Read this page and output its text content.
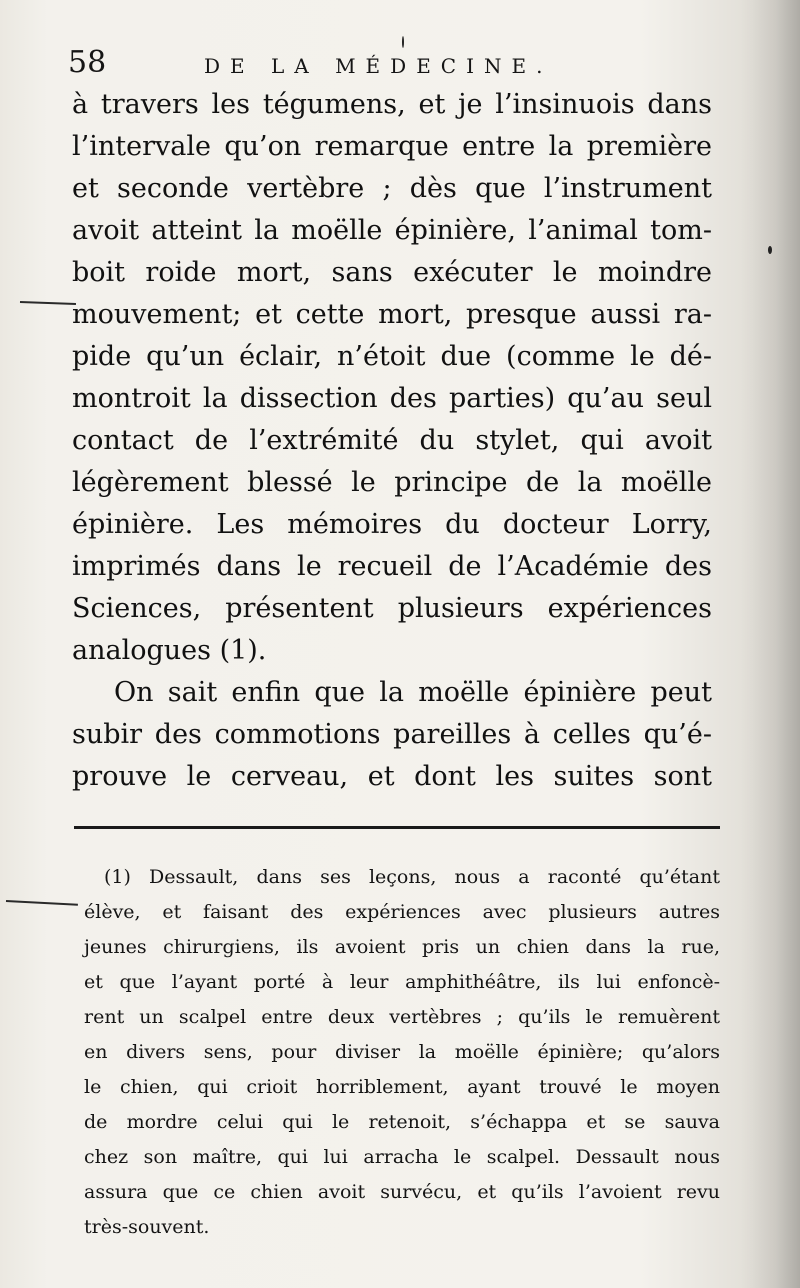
58	DE LA MÉDECINE.
à travers les tégumens, et je l’insinuois dans
l’intervale qu’on remarque entre la première
et seconde vertèbre ; dès que l’instrument
avoit atteint la moëlle épinière, l’animal tom-
boit roide mort, sans exécuter le moindre
mouvement; et cette mort, presque aussi ra-
pide qu’un éclair, n’étoit due (comme le dé-
montroit la dissection des parties) qu’au seul
contact de l’extrémité du stylet, qui avoit
légèrement blessé le principe de la moëlle
épinière. Les mémoires du docteur Lorry,
imprimés dans le recueil de l’Académie des
Sciences, présentent plusieurs expériences
analogues (1).
On sait enfin que la moëlle épinière peut
subir des commotions pareilles à celles qu’é-
prouve le cerveau, et dont les suites sont
(1) Dessault, dans ses leçons, nous a raconté qu’étant
élève, et faisant des expériences avec plusieurs autres
jeunes chirurgiens, ils avoient pris un chien dans la rue,
et que l’ayant porté à leur amphithéâtre, ils lui enfoncè-
rent un scalpel entre deux vertèbres ; qu’ils le remuèrent
en divers sens, pour diviser la moëlle épinière; qu’alors
le chien, qui crioit horriblement, ayant trouvé le moyen
de mordre celui qui le retenoit, s’échappa et se sauva
chez son maître, qui lui arracha le scalpel. Dessault nous
assura que ce chien avoit survécu, et qu’ils l’avoient revu
très-souvent.
